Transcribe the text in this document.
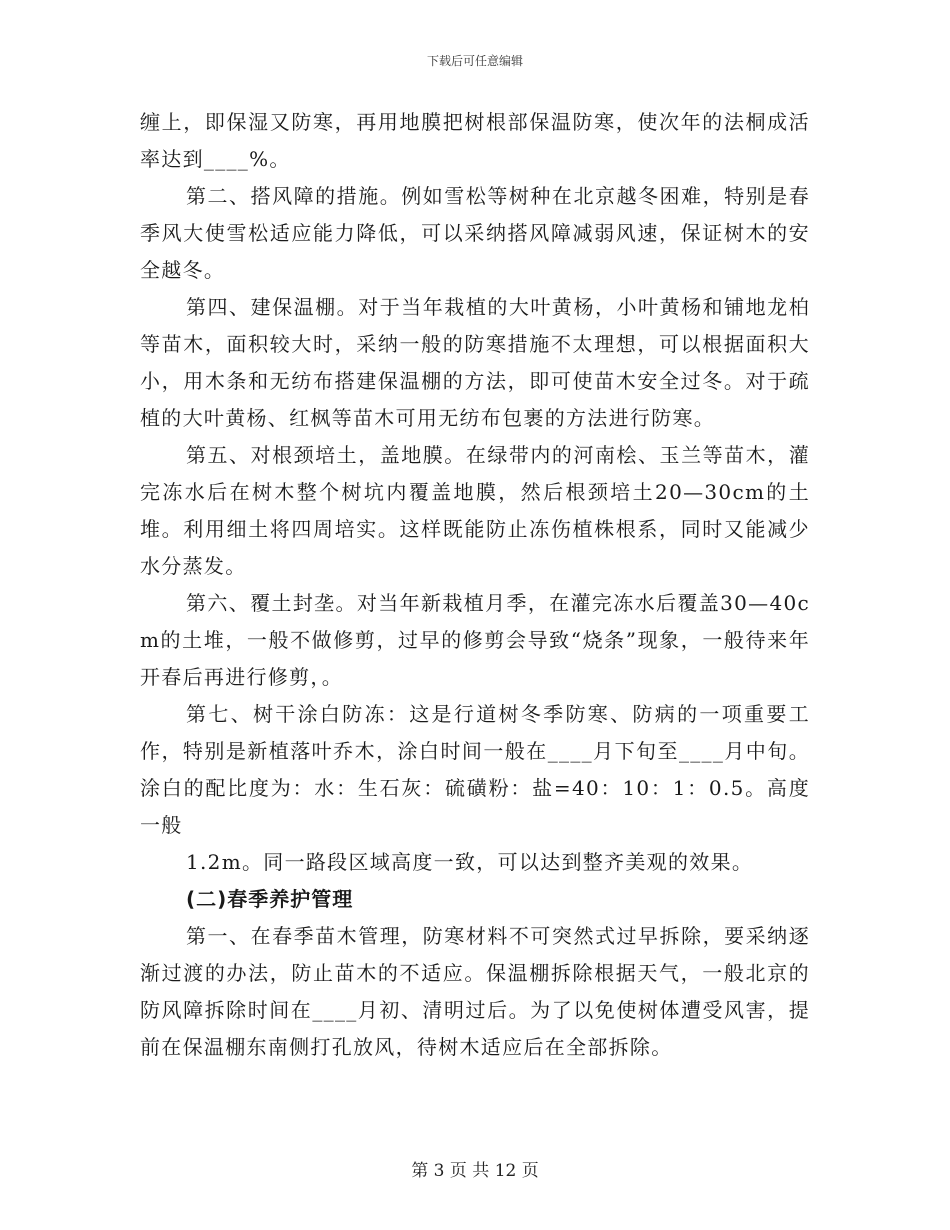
下载后可任意编辑

缠上，即保湿又防寒，再用地膜把树根部保温防寒，使次年的法桐成活率达到____%。

第二、搭风障的措施。例如雪松等树种在北京越冬困难，特别是春季风大使雪松适应能力降低，可以采纳搭风障减弱风速，保证树木的安全越冬。

第四、建保温棚。对于当年栽植的大叶黄杨，小叶黄杨和铺地龙柏等苗木，面积较大时，采纳一般的防寒措施不太理想，可以根据面积大小，用木条和无纺布搭建保温棚的方法，即可使苗木安全过冬。对于疏植的大叶黄杨、红枫等苗木可用无纺布包裹的方法进行防寒。

第五、对根颈培土，盖地膜。在绿带内的河南桧、玉兰等苗木，灌完冻水后在树木整个树坑内覆盖地膜，然后根颈培土20—30cm的土堆。利用细土将四周培实。这样既能防止冻伤植株根系，同时又能减少水分蒸发。

第六、覆土封垄。对当年新栽植月季，在灌完冻水后覆盖30—40cm的土堆，一般不做修剪，过早的修剪会导致“烧条”现象，一般待来年开春后再进行修剪，。

第七、树干涂白防冻：这是行道树冬季防寒、防病的一项重要工作，特别是新植落叶乔木，涂白时间一般在____月下旬至____月中旬。涂白的配比度为：水：生石灰：硫磺粉：盐=40：10：1：0.5。高度一般

1.2m。同一路段区域高度一致，可以达到整齐美观的效果。

(二)春季养护管理

第一、在春季苗木管理，防寒材料不可突然式过早拆除，要采纳逐渐过渡的办法，防止苗木的不适应。保温棚拆除根据天气，一般北京的防风障拆除时间在____月初、清明过后。为了以免使树体遭受风害，提前在保温棚东南侧打孔放风，待树木适应后在全部拆除。

第 3 页 共 12 页
